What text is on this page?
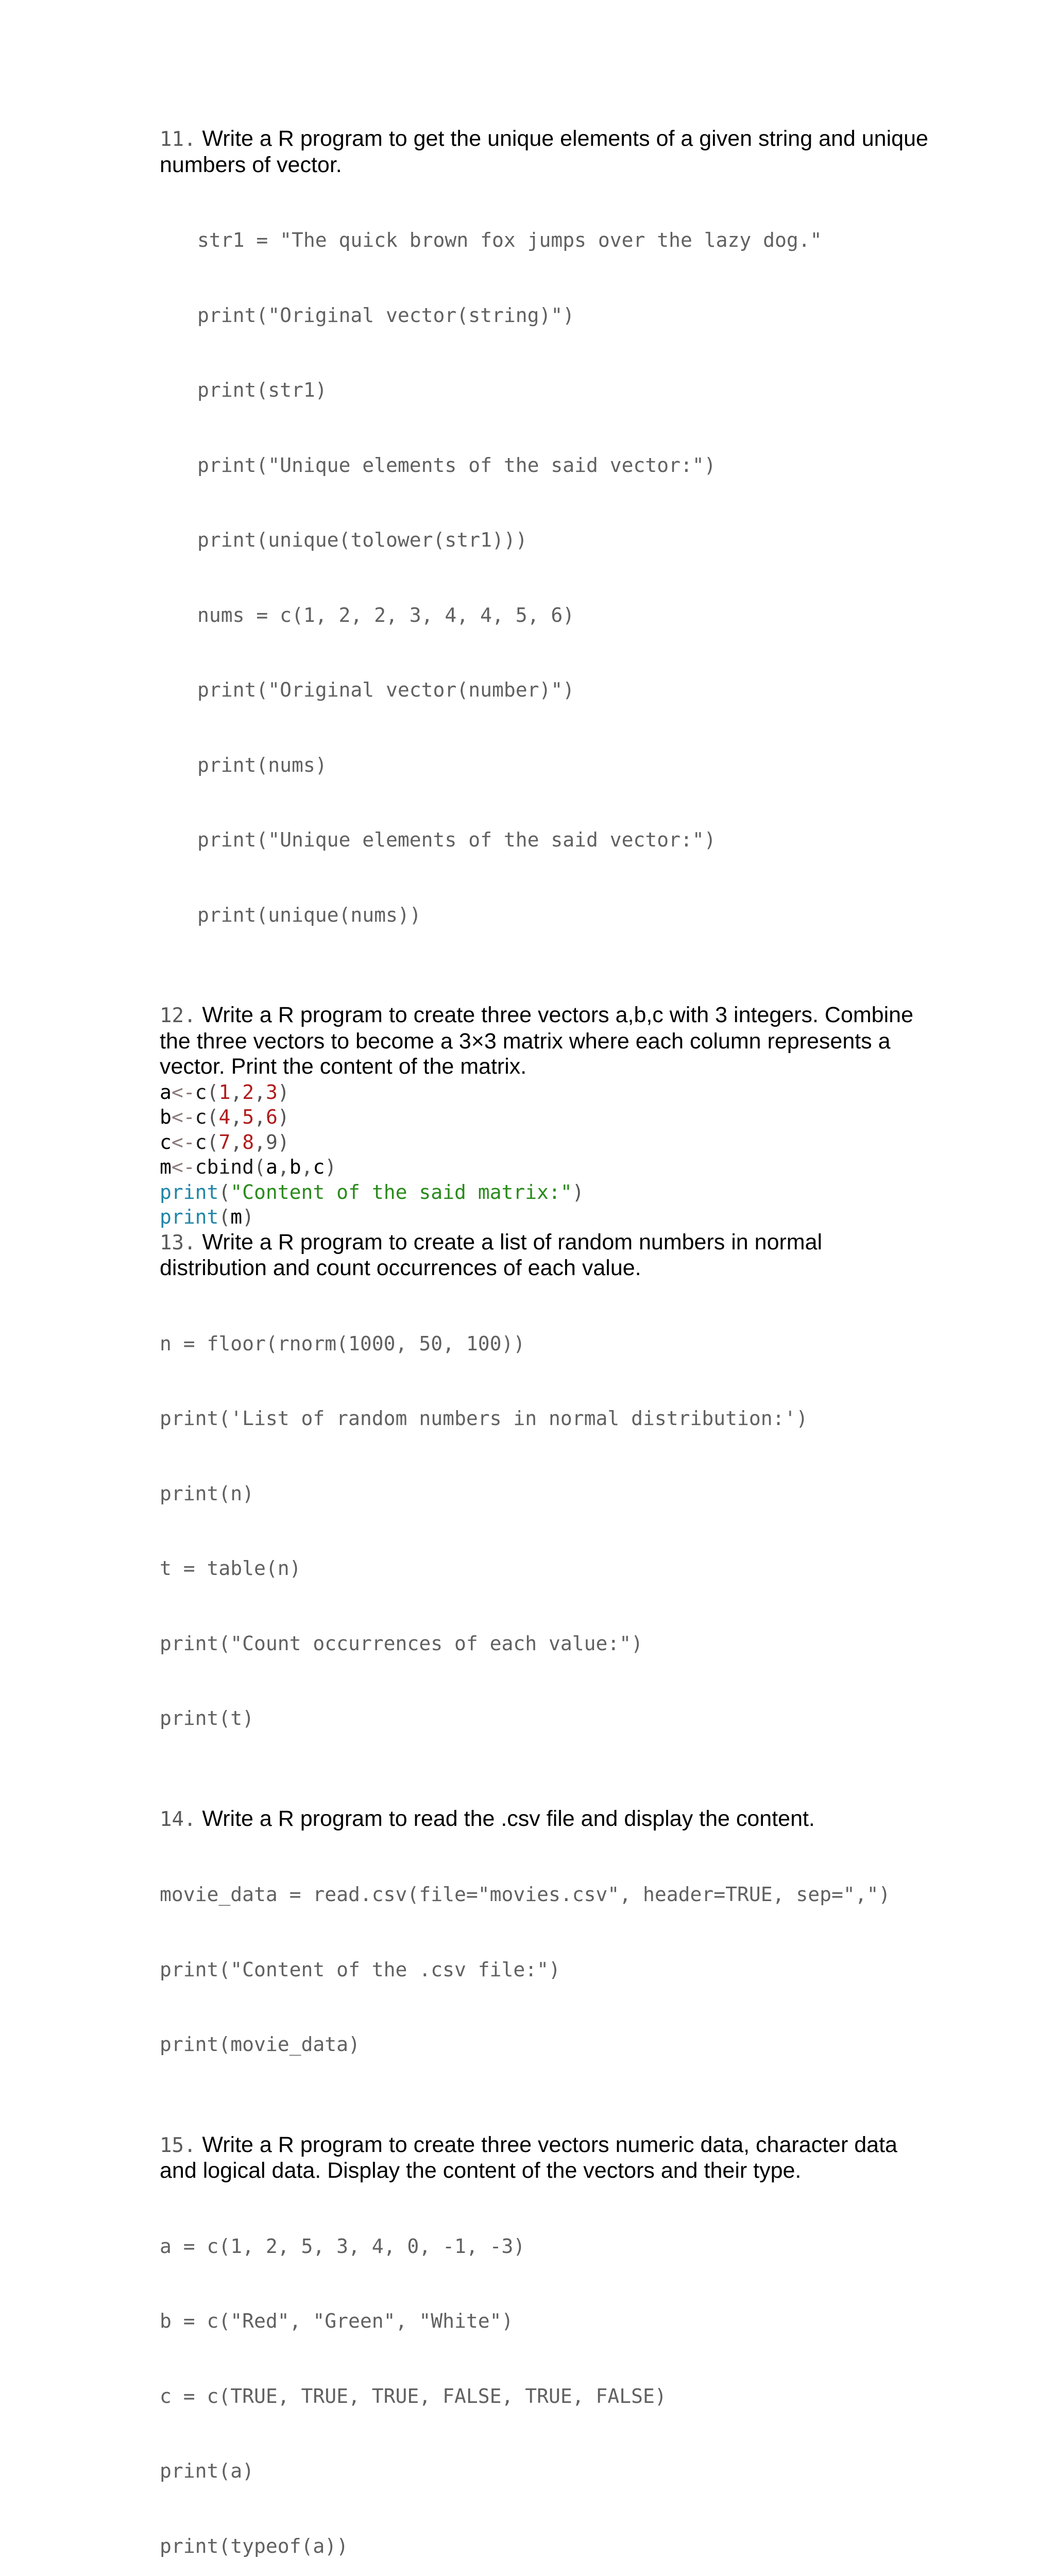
11. Write a R program to get the unique elements of a given string and unique numbers of vector.

str1 = "The quick brown fox jumps over the lazy dog."

print("Original vector(string)")

print(str1)

print("Unique elements of the said vector:")

print(unique(tolower(str1)))

nums = c(1, 2, 2, 3, 4, 4, 5, 6)

print("Original vector(number)")

print(nums)

print("Unique elements of the said vector:")

print(unique(nums))

12. Write a R program to create three vectors a,b,c with 3 integers. Combine the three vectors to become a 3×3 matrix where each column represents a vector. Print the content of the matrix.

a<-c(1,2,3)
b<-c(4,5,6)
c<-c(7,8,9)
m<-cbind(a,b,c)
print("Content of the said matrix:")
print(m)

13. Write a R program to create a list of random numbers in normal distribution and count occurrences of each value.

n = floor(rnorm(1000, 50, 100))

print('List of random numbers in normal distribution:')

print(n)

t = table(n)

print("Count occurrences of each value:")

print(t)

14. Write a R program to read the .csv file and display the content.

movie_data = read.csv(file="movies.csv", header=TRUE, sep=",")

print("Content of the .csv file:")

print(movie_data)

15. Write a R program to create three vectors numeric data, character data and logical data. Display the content of the vectors and their type.

a = c(1, 2, 5, 3, 4, 0, -1, -3)

b = c("Red", "Green", "White")

c = c(TRUE, TRUE, TRUE, FALSE, TRUE, FALSE)

print(a)

print(typeof(a))
